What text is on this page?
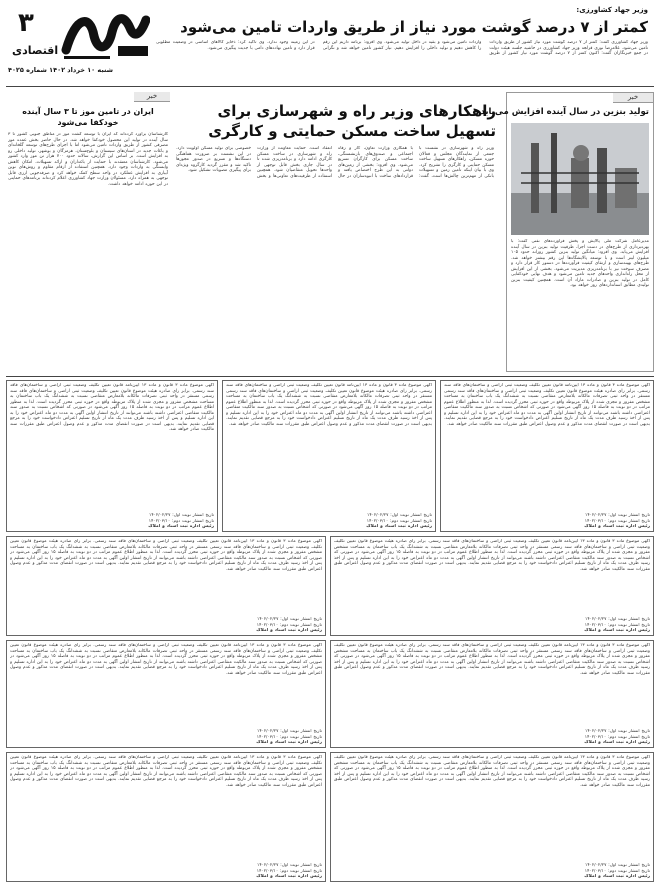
۳
اقتصادی
شنبه ۱۰ خرداد ۱۴۰۲ شماره ۴۰۲۵
وزیر جهاد کشاورزی:
کمتر از ۷ درصد گوشت مورد نیاز از طریق واردات تامین می‌شود
وزیر جهاد کشاورزی گفت: کمتر از ۷ درصد گوشت مورد نیاز کشور از طریق واردات تامین می‌شود. غلامرضا نوری قزلجه وزیر جهاد کشاورزی در حاشیه جلسه هیئت دولت در جمع خبرنگاران گفت: اکنون کمتر از ۷ درصد گوشت مورد نیاز کشور از طریق واردات تامین می‌شود و بقیه در داخل تولید می‌شود. وی افزود: برنامه داریم این رقم را کاهش دهیم و تولید داخلی را افزایش دهیم. نیاز کشور تامین خواهد شد و نگرانی در این زمینه وجود ندارد. وی تاکید کرد: ذخایر کالاهای اساسی در وضعیت مطلوبی قرار دارد و تامین نهاده‌های دامی با جدیت پیگیری می‌شود.
خبر
تولید بنزین در سال آینده افزایش می‌یابد
مدیرعامل شرکت ملی پالایش و پخش فرآورده‌های نفتی گفت: با بهره‌برداری از طرح‌های در دست اجرا، ظرفیت تولید بنزین در سال آینده افزایش می‌یابد. وی افزود: میانگین تولید بنزین کشور روزانه حدود ۱۰۵ میلیون لیتر است و با توسعه پالایشگاه‌ها این رقم بیشتر خواهد شد. طرح‌های بهینه‌سازی و ارتقای کیفیت فرآورده‌ها در دستور کار قرار دارد و مصرف سوخت نیز با برنامه‌ریزی مدیریت می‌شود. بخشی از این افزایش از محل راه‌اندازی واحدهای جدید تامین می‌شود و هدف نهایی خودکفایی کامل در تولید بنزین و صادرات مازاد آن است. همچنین کیفیت بنزین تولیدی مطابق استانداردهای روز خواهد بود.
راهکارهای وزیر راه و شهرسازی برای
تسهیل ساخت مسکن حمایتی و کارگری
وزیر راه و شهرسازی در نشست با جمعی از نمایندگان مجلس و فعالان حوزه مسکن، راهکارهای تسهیل ساخت مسکن حمایتی و کارگری را تشریح کرد. وی با بیان اینکه تامین زمین و تسهیلات بانکی از مهم‌ترین چالش‌ها است، گفت: با همکاری وزارت تعاون، کار و رفاه اجتماعی و صندوق‌های بازنشستگی، ساخت مسکن برای کارگران تسریع می‌شود. وی افزود: بخشی از زمین‌های دولتی به این طرح اختصاص یافته و قراردادهای ساخت با انبوه‌سازان در حال انعقاد است. حمایت معاونت از وزارت راه و شهرسازی در ساخت مسکن کارگری ادامه دارد و برنامه‌ریزی شده تا در سال جاری بخش قابل توجهی از واحدها تحویل متقاضیان شود. همچنین استفاده از ظرفیت‌های تعاونی‌ها و بخش خصوصی برای تولید مسکن اولویت دارد. در این نشست بر ضرورت هماهنگی دستگاه‌ها و تسریع در صدور مجوزها تاکید شد و مقرر گردید کارگروه ویژه‌ای برای پیگیری مصوبات تشکیل شود.
خبر
ایران در تامین موز تا ۳ سال آینده خودکفا می‌شود
کارشناسان برآورد کرده‌اند که ایران با توسعه کشت موز در مناطق جنوبی کشور تا ۳ سال آینده در تولید این محصول خودکفا خواهد شد. در حال حاضر بخش عمده موز مصرفی کشور از طریق واردات تامین می‌شود اما با اجرای طرح‌های توسعه گلخانه‌ای و باغات جدید در استان‌های سیستان و بلوچستان، هرمزگان و بوشهر، تولید داخلی رو به افزایش است. بر اساس این گزارش، سالانه حدود ۷۰۰ هزار تن موز وارد کشور می‌شود. کارشناسان معتقدند با حمایت از باغداران و ارائه تسهیلات، امکان کاهش وابستگی به واردات وجود دارد. همچنین استفاده از ارقام مقاوم و روش‌های نوین آبیاری به افزایش عملکرد در واحد سطح کمک خواهد کرد و صرفه‌جویی ارزی قابل توجهی به همراه دارد. مسئولان وزارت جهاد کشاورزی اعلام کرده‌اند برنامه‌های حمایتی در این حوزه ادامه خواهد داشت.
آگهی موضوع ماده ۳ قانون و ماده ۱۳ آیین‌نامه قانون تعیین تکلیف وضعیت ثبتی اراضی و ساختمان‌های فاقد سند رسمی. برابر رای صادره هیئت موضوع قانون تعیین تکلیف وضعیت ثبتی اراضی و ساختمان‌های فاقد سند رسمی مستقر در واحد ثبتی تصرفات مالکانه بلامعارض متقاضی نسبت به ششدانگ یک باب ساختمان به مساحت مشخص مفروز و مجزی شده از پلاک مربوطه واقع در حوزه ثبتی محرز گردیده است. لذا به منظور اطلاع عموم مراتب در دو نوبت به فاصله ۱۵ روز آگهی می‌شود در صورتی که اشخاص نسبت به صدور سند مالکیت متقاضی اعتراضی داشته باشند می‌توانند از تاریخ انتشار اولین آگهی به مدت دو ماه اعتراض خود را به این اداره تسلیم و پس از اخذ رسید ظرف مدت یک ماه از تاریخ تسلیم اعتراض دادخواست خود را به مرجع قضایی تقدیم نمایند. بدیهی است در صورت انقضای مدت مذکور و عدم وصول اعتراض طبق مقررات سند مالکیت صادر خواهد شد.
تاریخ انتشار نوبت اول: ۱۴۰۲/۰۲/۲۷
تاریخ انتشار نوبت دوم: ۱۴۰۲/۰۳/۱۰
رئیس اداره ثبت اسناد و املاک
آگهی موضوع ماده ۳ قانون و ماده ۱۳ آیین‌نامه قانون تعیین تکلیف وضعیت ثبتی اراضی و ساختمان‌های فاقد سند رسمی. برابر رای صادره هیئت موضوع قانون تعیین تکلیف وضعیت ثبتی اراضی و ساختمان‌های فاقد سند رسمی مستقر در واحد ثبتی تصرفات مالکانه بلامعارض متقاضی نسبت به ششدانگ یک باب ساختمان به مساحت مشخص مفروز و مجزی شده از پلاک مربوطه واقع در حوزه ثبتی محرز گردیده است. لذا به منظور اطلاع عموم مراتب در دو نوبت به فاصله ۱۵ روز آگهی می‌شود در صورتی که اشخاص نسبت به صدور سند مالکیت متقاضی اعتراضی داشته باشند می‌توانند از تاریخ انتشار اولین آگهی به مدت دو ماه اعتراض خود را به این اداره تسلیم و پس از اخذ رسید ظرف مدت یک ماه از تاریخ تسلیم اعتراض دادخواست خود را به مرجع قضایی تقدیم نمایند. بدیهی است در صورت انقضای مدت مذکور و عدم وصول اعتراض طبق مقررات سند مالکیت صادر خواهد شد.
تاریخ انتشار نوبت اول: ۱۴۰۲/۰۲/۲۷
تاریخ انتشار نوبت دوم: ۱۴۰۲/۰۳/۱۰
رئیس اداره ثبت اسناد و املاک
آگهی موضوع ماده ۳ قانون و ماده ۱۳ آیین‌نامه قانون تعیین تکلیف وضعیت ثبتی اراضی و ساختمان‌های فاقد سند رسمی. برابر رای صادره هیئت موضوع قانون تعیین تکلیف وضعیت ثبتی اراضی و ساختمان‌های فاقد سند رسمی مستقر در واحد ثبتی تصرفات مالکانه بلامعارض متقاضی نسبت به ششدانگ یک باب ساختمان به مساحت مشخص مفروز و مجزی شده از پلاک مربوطه واقع در حوزه ثبتی محرز گردیده است. لذا به منظور اطلاع عموم مراتب در دو نوبت به فاصله ۱۵ روز آگهی می‌شود در صورتی که اشخاص نسبت به صدور سند مالکیت متقاضی اعتراضی داشته باشند می‌توانند از تاریخ انتشار اولین آگهی به مدت دو ماه اعتراض خود را به این اداره تسلیم و پس از اخذ رسید ظرف مدت یک ماه از تاریخ تسلیم اعتراض دادخواست خود را به مرجع قضایی تقدیم نمایند. بدیهی است در صورت انقضای مدت مذکور و عدم وصول اعتراض طبق مقررات سند مالکیت صادر خواهد شد.
تاریخ انتشار نوبت اول: ۱۴۰۲/۰۲/۲۷
تاریخ انتشار نوبت دوم: ۱۴۰۲/۰۳/۱۰
رئیس اداره ثبت اسناد و املاک
آگهی موضوع ماده ۳ قانون و ماده ۱۳ آیین‌نامه قانون تعیین تکلیف وضعیت ثبتی اراضی و ساختمان‌های فاقد سند رسمی. برابر رای صادره هیئت موضوع قانون تعیین تکلیف وضعیت ثبتی اراضی و ساختمان‌های فاقد سند رسمی مستقر در واحد ثبتی تصرفات مالکانه بلامعارض متقاضی نسبت به ششدانگ یک باب ساختمان به مساحت مشخص مفروز و مجزی شده از پلاک مربوطه واقع در حوزه ثبتی محرز گردیده است. لذا به منظور اطلاع عموم مراتب در دو نوبت به فاصله ۱۵ روز آگهی می‌شود در صورتی که اشخاص نسبت به صدور سند مالکیت متقاضی اعتراضی داشته باشند می‌توانند از تاریخ انتشار اولین آگهی به مدت دو ماه اعتراض خود را به این اداره تسلیم و پس از اخذ رسید ظرف مدت یک ماه از تاریخ تسلیم اعتراض دادخواست خود را به مرجع قضایی تقدیم نمایند. بدیهی است در صورت انقضای مدت مذکور و عدم وصول اعتراض طبق مقررات سند مالکیت صادر خواهد شد.
تاریخ انتشار نوبت اول: ۱۴۰۲/۰۲/۲۷
تاریخ انتشار نوبت دوم: ۱۴۰۲/۰۳/۱۰
رئیس اداره ثبت اسناد و املاک
آگهی موضوع ماده ۳ قانون و ماده ۱۳ آیین‌نامه قانون تعیین تکلیف وضعیت ثبتی اراضی و ساختمان‌های فاقد سند رسمی. برابر رای صادره هیئت موضوع قانون تعیین تکلیف وضعیت ثبتی اراضی و ساختمان‌های فاقد سند رسمی مستقر در واحد ثبتی تصرفات مالکانه بلامعارض متقاضی نسبت به ششدانگ یک باب ساختمان به مساحت مشخص مفروز و مجزی شده از پلاک مربوطه واقع در حوزه ثبتی محرز گردیده است. لذا به منظور اطلاع عموم مراتب در دو نوبت به فاصله ۱۵ روز آگهی می‌شود در صورتی که اشخاص نسبت به صدور سند مالکیت متقاضی اعتراضی داشته باشند می‌توانند از تاریخ انتشار اولین آگهی به مدت دو ماه اعتراض خود را به این اداره تسلیم و پس از اخذ رسید ظرف مدت یک ماه از تاریخ تسلیم اعتراض دادخواست خود را به مرجع قضایی تقدیم نمایند. بدیهی است در صورت انقضای مدت مذکور و عدم وصول اعتراض طبق مقررات سند مالکیت صادر خواهد شد.
تاریخ انتشار نوبت اول: ۱۴۰۲/۰۲/۲۷
تاریخ انتشار نوبت دوم: ۱۴۰۲/۰۳/۱۰
رئیس اداره ثبت اسناد و املاک
آگهی موضوع ماده ۳ قانون و ماده ۱۳ آیین‌نامه قانون تعیین تکلیف وضعیت ثبتی اراضی و ساختمان‌های فاقد سند رسمی. برابر رای صادره هیئت موضوع قانون تعیین تکلیف وضعیت ثبتی اراضی و ساختمان‌های فاقد سند رسمی مستقر در واحد ثبتی تصرفات مالکانه بلامعارض متقاضی نسبت به ششدانگ یک باب ساختمان به مساحت مشخص مفروز و مجزی شده از پلاک مربوطه واقع در حوزه ثبتی محرز گردیده است. لذا به منظور اطلاع عموم مراتب در دو نوبت به فاصله ۱۵ روز آگهی می‌شود در صورتی که اشخاص نسبت به صدور سند مالکیت متقاضی اعتراضی داشته باشند می‌توانند از تاریخ انتشار اولین آگهی به مدت دو ماه اعتراض خود را به این اداره تسلیم و پس از اخذ رسید ظرف مدت یک ماه از تاریخ تسلیم اعتراض دادخواست خود را به مرجع قضایی تقدیم نمایند. بدیهی است در صورت انقضای مدت مذکور و عدم وصول اعتراض طبق مقررات سند مالکیت صادر خواهد شد.
تاریخ انتشار نوبت اول: ۱۴۰۲/۰۲/۲۷
تاریخ انتشار نوبت دوم: ۱۴۰۲/۰۳/۱۰
رئیس اداره ثبت اسناد و املاک
آگهی موضوع ماده ۳ قانون و ماده ۱۳ آیین‌نامه قانون تعیین تکلیف وضعیت ثبتی اراضی و ساختمان‌های فاقد سند رسمی. برابر رای صادره هیئت موضوع قانون تعیین تکلیف وضعیت ثبتی اراضی و ساختمان‌های فاقد سند رسمی مستقر در واحد ثبتی تصرفات مالکانه بلامعارض متقاضی نسبت به ششدانگ یک باب ساختمان به مساحت مشخص مفروز و مجزی شده از پلاک مربوطه واقع در حوزه ثبتی محرز گردیده است. لذا به منظور اطلاع عموم مراتب در دو نوبت به فاصله ۱۵ روز آگهی می‌شود در صورتی که اشخاص نسبت به صدور سند مالکیت متقاضی اعتراضی داشته باشند می‌توانند از تاریخ انتشار اولین آگهی به مدت دو ماه اعتراض خود را به این اداره تسلیم و پس از اخذ رسید ظرف مدت یک ماه از تاریخ تسلیم اعتراض دادخواست خود را به مرجع قضایی تقدیم نمایند. بدیهی است در صورت انقضای مدت مذکور و عدم وصول اعتراض طبق مقررات سند مالکیت صادر خواهد شد.
تاریخ انتشار نوبت اول: ۱۴۰۲/۰۲/۲۷
تاریخ انتشار نوبت دوم: ۱۴۰۲/۰۳/۱۰
رئیس اداره ثبت اسناد و املاک
آگهی موضوع ماده ۳ قانون و ماده ۱۳ آیین‌نامه قانون تعیین تکلیف وضعیت ثبتی اراضی و ساختمان‌های فاقد سند رسمی. برابر رای صادره هیئت موضوع قانون تعیین تکلیف وضعیت ثبتی اراضی و ساختمان‌های فاقد سند رسمی مستقر در واحد ثبتی تصرفات مالکانه بلامعارض متقاضی نسبت به ششدانگ یک باب ساختمان به مساحت مشخص مفروز و مجزی شده از پلاک مربوطه واقع در حوزه ثبتی محرز گردیده است. لذا به منظور اطلاع عموم مراتب در دو نوبت به فاصله ۱۵ روز آگهی می‌شود در صورتی که اشخاص نسبت به صدور سند مالکیت متقاضی اعتراضی داشته باشند می‌توانند از تاریخ انتشار اولین آگهی به مدت دو ماه اعتراض خود را به این اداره تسلیم و پس از اخذ رسید ظرف مدت یک ماه از تاریخ تسلیم اعتراض دادخواست خود را به مرجع قضایی تقدیم نمایند. بدیهی است در صورت انقضای مدت مذکور و عدم وصول اعتراض طبق مقررات سند مالکیت صادر خواهد شد.
تاریخ انتشار نوبت اول: ۱۴۰۲/۰۲/۲۷
تاریخ انتشار نوبت دوم: ۱۴۰۲/۰۳/۱۰
رئیس اداره ثبت اسناد و املاک
آگهی موضوع ماده ۳ قانون و ماده ۱۳ آیین‌نامه قانون تعیین تکلیف وضعیت ثبتی اراضی و ساختمان‌های فاقد سند رسمی. برابر رای صادره هیئت موضوع قانون تعیین تکلیف وضعیت ثبتی اراضی و ساختمان‌های فاقد سند رسمی مستقر در واحد ثبتی تصرفات مالکانه بلامعارض متقاضی نسبت به ششدانگ یک باب ساختمان به مساحت مشخص مفروز و مجزی شده از پلاک مربوطه واقع در حوزه ثبتی محرز گردیده است. لذا به منظور اطلاع عموم مراتب در دو نوبت به فاصله ۱۵ روز آگهی می‌شود در صورتی که اشخاص نسبت به صدور سند مالکیت متقاضی اعتراضی داشته باشند می‌توانند از تاریخ انتشار اولین آگهی به مدت دو ماه اعتراض خود را به این اداره تسلیم و پس از اخذ رسید ظرف مدت یک ماه از تاریخ تسلیم اعتراض دادخواست خود را به مرجع قضایی تقدیم نمایند. بدیهی است در صورت انقضای مدت مذکور و عدم وصول اعتراض طبق مقررات سند مالکیت صادر خواهد شد.
تاریخ انتشار نوبت اول: ۱۴۰۲/۰۲/۲۷
تاریخ انتشار نوبت دوم: ۱۴۰۲/۰۳/۱۰
رئیس اداره ثبت اسناد و املاک
